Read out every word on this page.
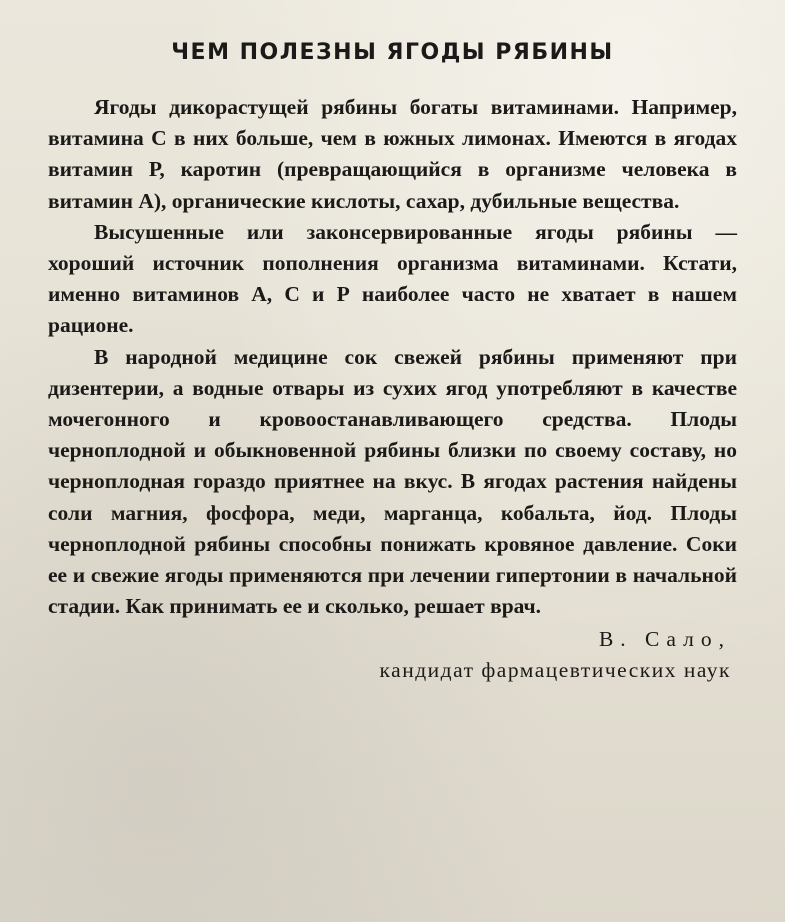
ЧЕМ ПОЛЕЗНЫ ЯГОДЫ РЯБИНЫ

Ягоды дикорастущей рябины богаты витаминами. Например, витамина С в них больше, чем в южных лимонах. Имеются в ягодах витамин Р, каротин (превращающийся в организме человека в витамин А), органические кислоты, сахар, дубильные вещества.

Высушенные или законсервированные ягоды рябины — хороший источник пополнения организма витаминами. Кстати, именно витаминов А, С и Р наиболее часто не хватает в нашем рационе.

В народной медицине сок свежей рябины применяют при дизентерии, а водные отвары из сухих ягод употребляют в качестве мочегонного и кровоостанавливающего средства. Плоды черноплодной и обыкновенной рябины близки по своему составу, но черноплодная гораздо приятнее на вкус. В ягодах растения найдены соли магния, фосфора, меди, марганца, кобальта, йод. Плоды черноплодной рябины способны понижать кровяное давление. Соки ее и свежие ягоды применяются при лечении гипертонии в начальной стадии. Как принимать ее и сколько, решает врач.

В. Сало,
кандидат фармацевтических наук
